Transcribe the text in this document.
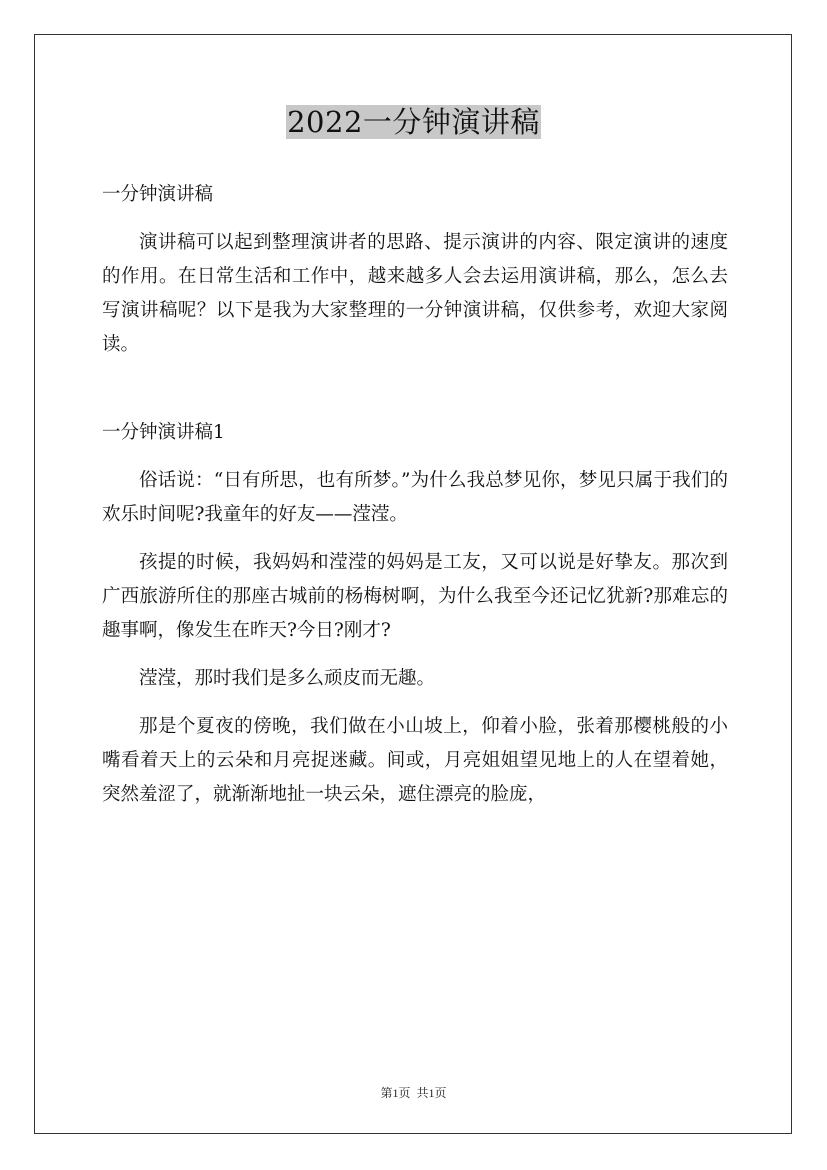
2022一分钟演讲稿

一分钟演讲稿

演讲稿可以起到整理演讲者的思路、提示演讲的内容、限定演讲的速度的作用。在日常生活和工作中，越来越多人会去运用演讲稿，那么，怎么去写演讲稿呢？以下是我为大家整理的一分钟演讲稿，仅供参考，欢迎大家阅读。

一分钟演讲稿1

俗话说：“日有所思，也有所梦。”为什么我总梦见你，梦见只属于我们的欢乐时间呢?我童年的好友——滢滢。

孩提的时候，我妈妈和滢滢的妈妈是工友，又可以说是好挚友。那次到广西旅游所住的那座古城前的杨梅树啊，为什么我至今还记忆犹新?那难忘的趣事啊，像发生在昨天?今日?刚才?

滢滢，那时我们是多么顽皮而无趣。

那是个夏夜的傍晚，我们做在小山坡上，仰着小脸，张着那樱桃般的小嘴看着天上的云朵和月亮捉迷藏。间或，月亮姐姐望见地上的人在望着她，突然羞涩了，就渐渐地扯一块云朵，遮住漂亮的脸庞，

第1页  共1页
